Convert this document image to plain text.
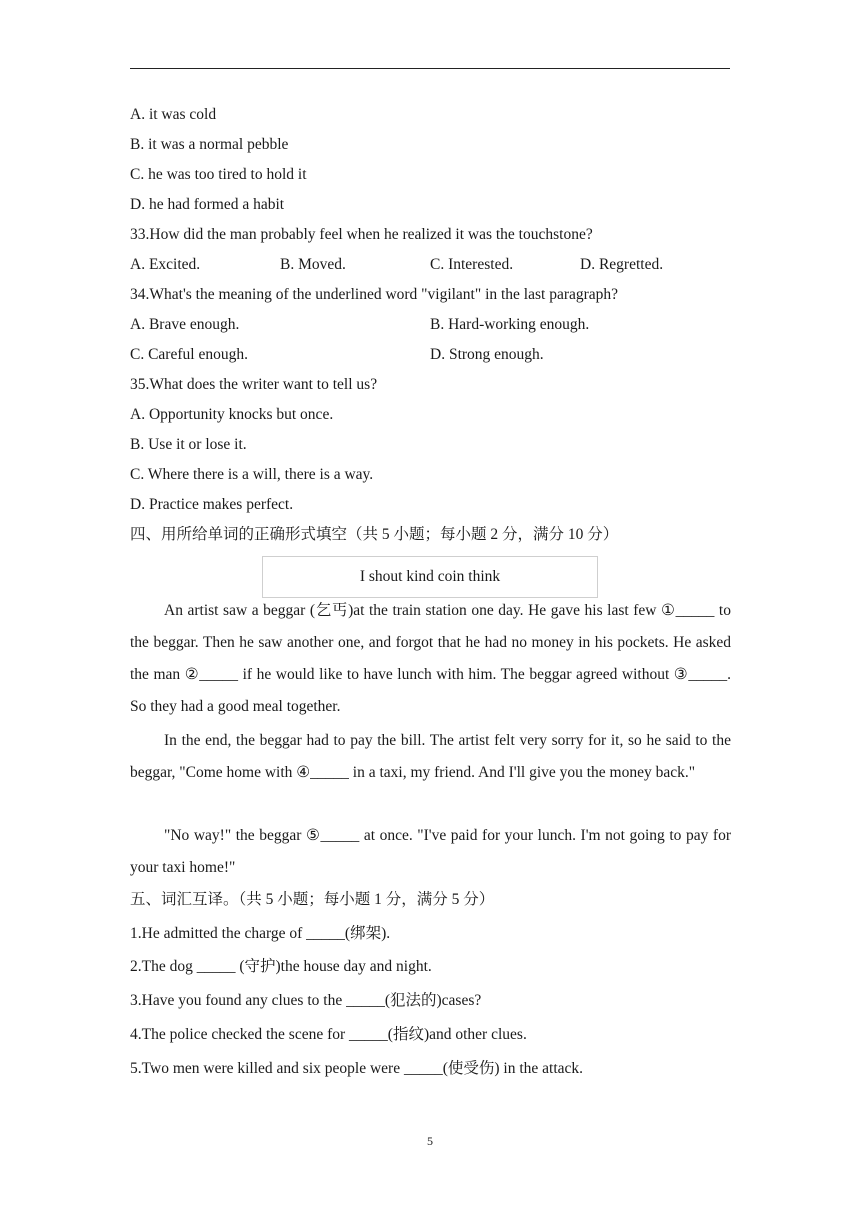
A. it was cold
B. it was a normal pebble
C. he was too tired to hold it
D. he had formed a habit
33.How did the man probably feel when he realized it was the touchstone?
A. Excited.	B. Moved.	C. Interested.	D. Regretted.
34.What's the meaning of the underlined word "vigilant" in the last paragraph?
A. Brave enough.	B. Hard-working enough.
C. Careful enough.	D. Strong enough.
35.What does the writer want to tell us?
A. Opportunity knocks but once.
B. Use it or lose it.
C. Where there is a will, there is a way.
D. Practice makes perfect.
四、用所给单词的正确形式填空（共 5 小题；每小题 2 分，满分 10 分）
I shout kind coin think
An artist saw a beggar (乞丐)at the train station one day. He gave his last few ①_____ to the beggar. Then he saw another one, and forgot that he had no money in his pockets. He asked the man ②_____ if he would like to have lunch with him. The beggar agreed without ③_____. So they had a good meal together.
In the end, the beggar had to pay the bill. The artist felt very sorry for it, so he said to the beggar, "Come home with ④_____ in a taxi, my friend. And I'll give you the money back."
"No way!" the beggar ⑤_____ at once. "I've paid for your lunch. I'm not going to pay for your taxi home!"
五、词汇互译。（共 5 小题；每小题 1 分，满分 5 分）
1.He admitted the charge of _____(绑架).
2.The dog _____ (守护)the house day and night.
3.Have you found any clues to the _____(犯法的)cases?
4.The police checked the scene for _____(指纹)and other clues.
5.Two men were killed and six people were _____(使受伤) in the attack.
5
